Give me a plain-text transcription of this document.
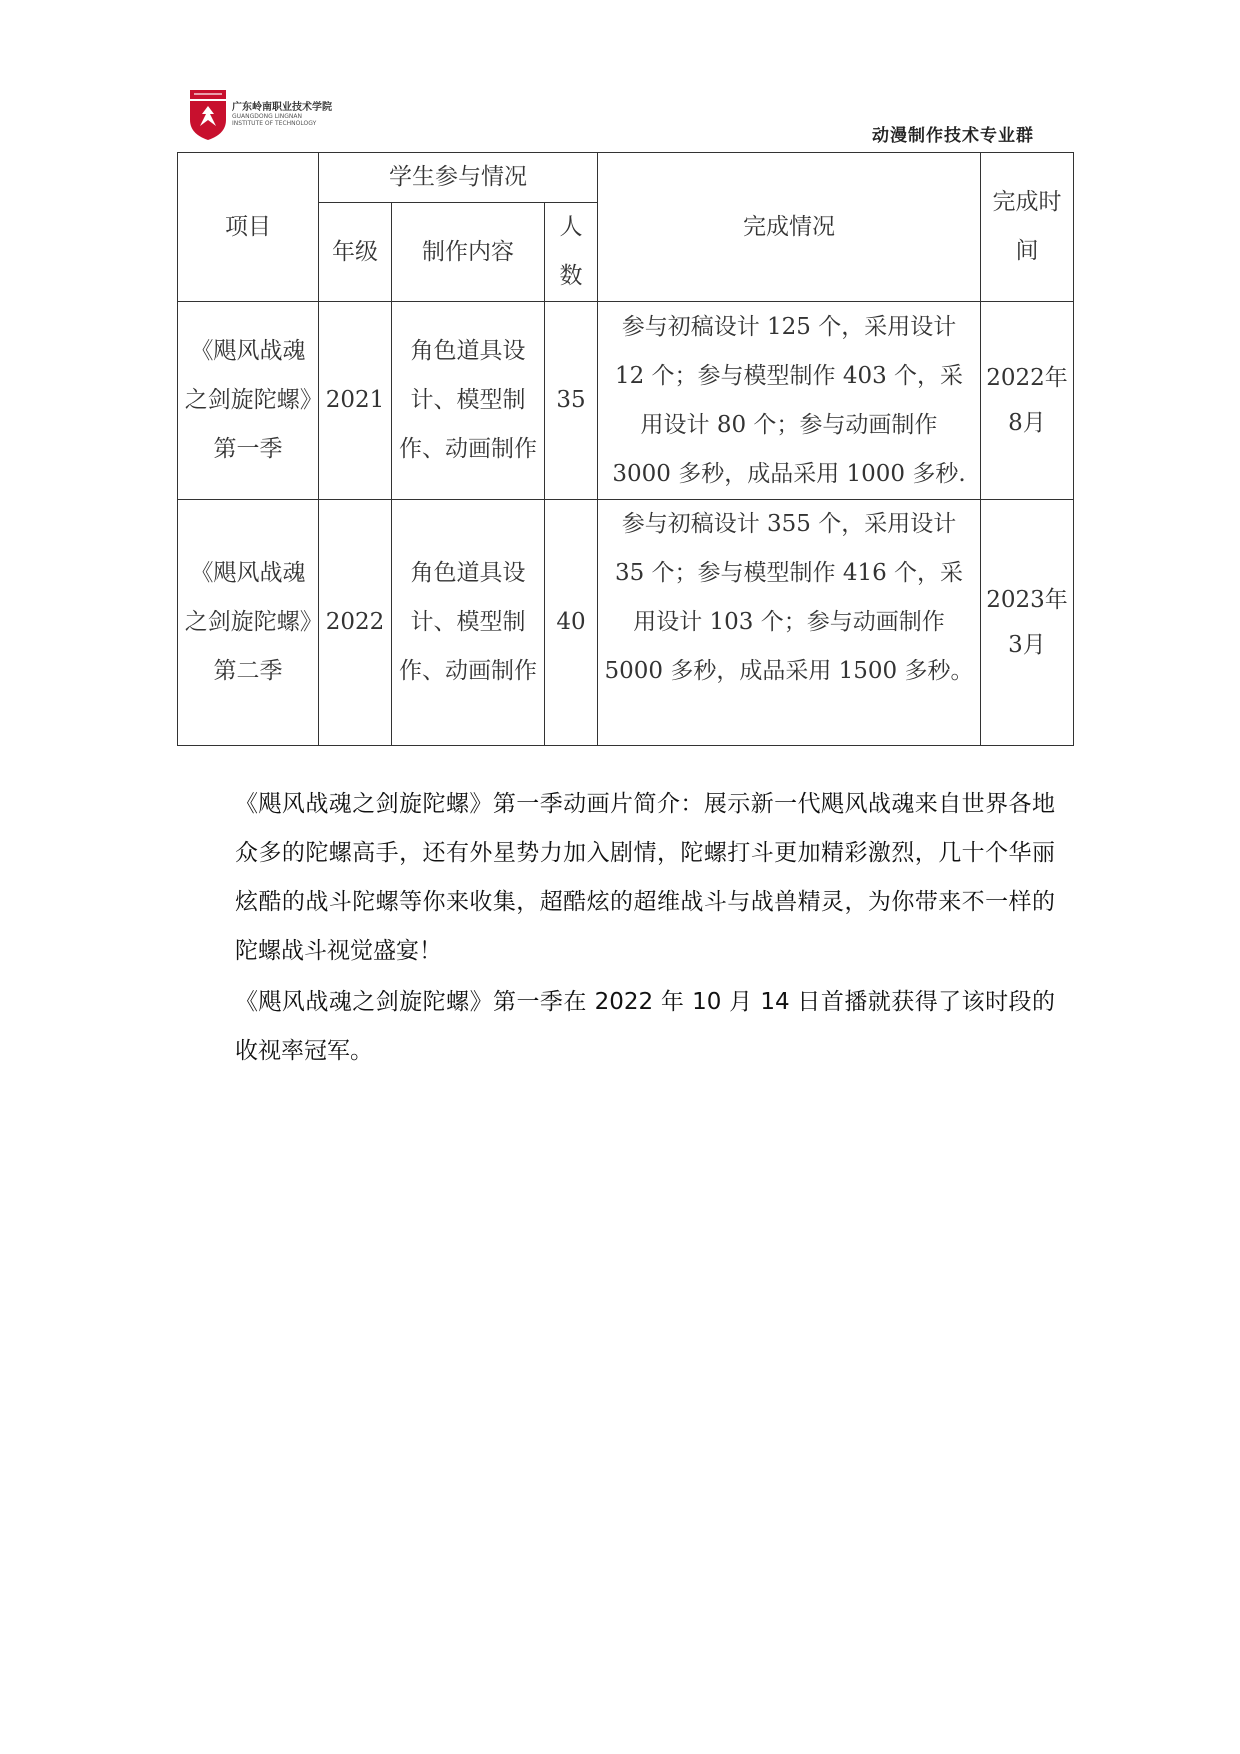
广东岭南职业技术学院
GUANGDONG LINGNAN
INSTITUTE OF TECHNOLOGY
动漫制作技术专业群
项目	学生参与情况			完成情况	完成时间
	年级	制作内容	人数		
《飓风战魂之剑旋陀螺》第一季	2021	角色道具设计、模型制作、动画制作	35	参与初稿设计 125 个，采用设计
12 个；参与模型制作 403 个，采
用设计 80 个；参与动画制作
3000 多秒，成品采用 1000 多秒.	2022年8月
《飓风战魂之剑旋陀螺》第二季	2022	角色道具设计、模型制作、动画制作	40	参与初稿设计 355 个，采用设计
35 个；参与模型制作 416 个，采
用设计 103 个；参与动画制作
5000 多秒，成品采用 1500 多秒。	2023年3月
《飓风战魂之剑旋陀螺》第一季动画片简介：展示新一代飓风战魂来自世界各地众多的陀螺高手，还有外星势力加入剧情，陀螺打斗更加精彩激烈，几十个华丽炫酷的战斗陀螺等你来收集，超酷炫的超维战斗与战兽精灵，为你带来不一样的陀螺战斗视觉盛宴！
《飓风战魂之剑旋陀螺》第一季在 2022 年 10 月 14 日首播就获得了该时段的收视率冠军。
